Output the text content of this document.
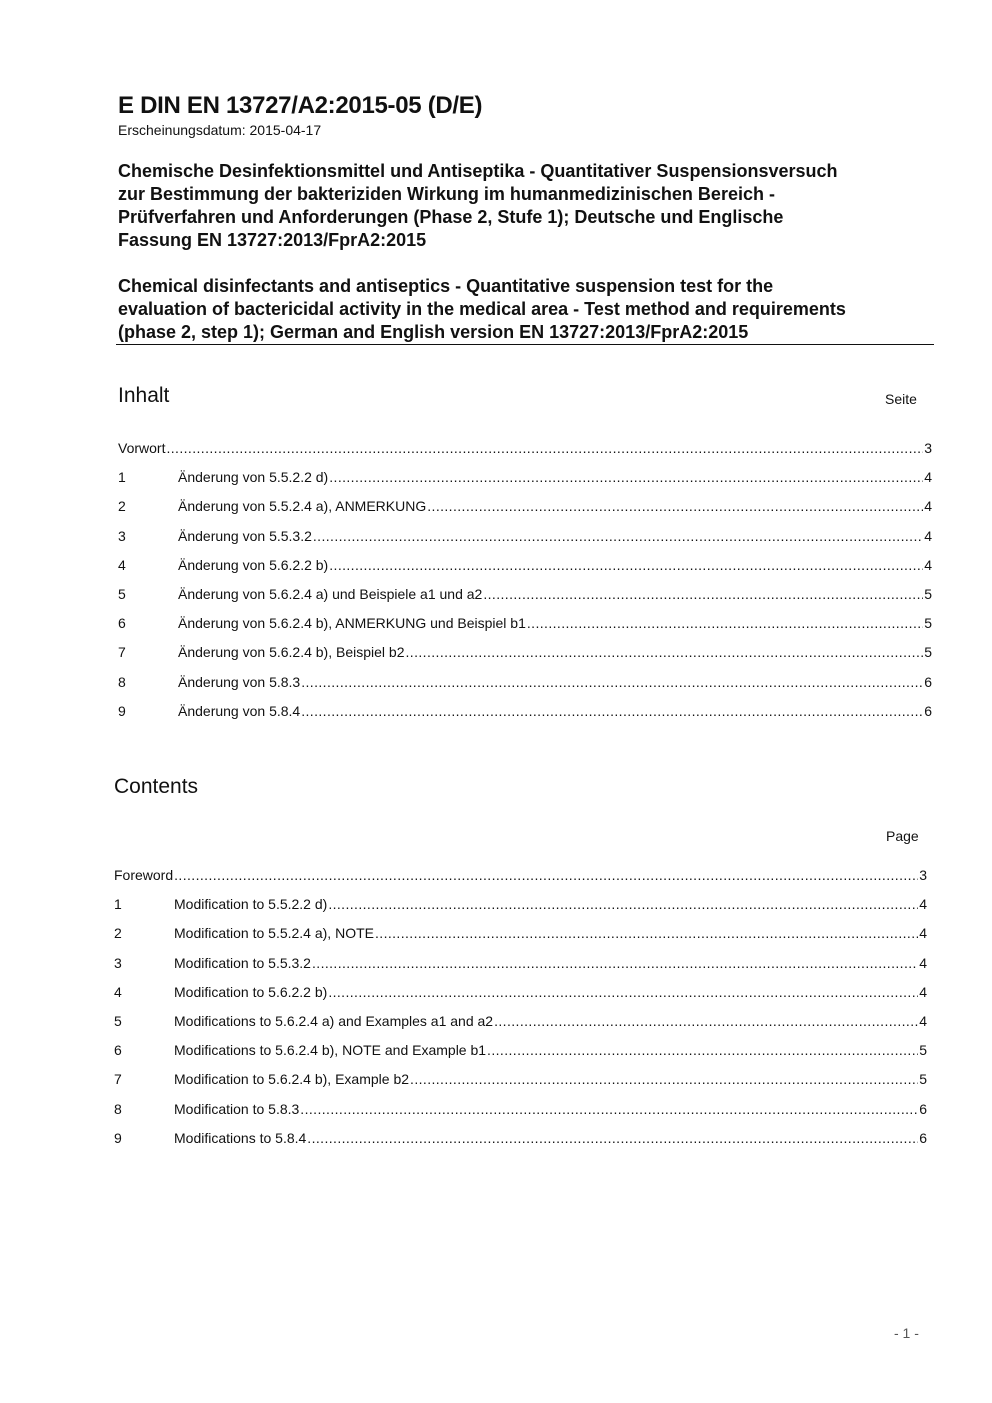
E DIN EN 13727/A2:2015-05 (D/E)
Erscheinungsdatum: 2015-04-17
Chemische Desinfektionsmittel und Antiseptika - Quantitativer Suspensionsversuch
zur Bestimmung der bakteriziden Wirkung im humanmedizinischen Bereich -
Prüfverfahren und Anforderungen (Phase 2, Stufe 1); Deutsche und Englische
Fassung EN 13727:2013/FprA2:2015
Chemical disinfectants and antiseptics - Quantitative suspension test for the
evaluation of bactericidal activity in the medical area - Test method and requirements
(phase 2, step 1); German and English version EN 13727:2013/FprA2:2015
Inhalt	Seite
Vorwort .....	3
1	Änderung von 5.5.2.2 d) .....	4
2	Änderung von 5.5.2.4 a), ANMERKUNG .....	4
3	Änderung von 5.5.3.2 .....	4
4	Änderung von 5.6.2.2 b) .....	4
5	Änderung von 5.6.2.4 a) und Beispiele a1 und a2 .....	5
6	Änderung von 5.6.2.4 b), ANMERKUNG und Beispiel b1 .....	5
7	Änderung von 5.6.2.4 b), Beispiel b2 .....	5
8	Änderung von 5.8.3 .....	6
9	Änderung von 5.8.4 .....	6
Contents
Page
Foreword .....	3
1	Modification to 5.5.2.2 d) .....	4
2	Modification to 5.5.2.4 a), NOTE .....	4
3	Modification to 5.5.3.2 .....	4
4	Modification to 5.6.2.2 b) .....	4
5	Modifications to 5.6.2.4 a) and Examples a1 and a2 .....	4
6	Modifications to 5.6.2.4 b), NOTE and Example b1 .....	5
7	Modification to 5.6.2.4 b), Example b2 .....	5
8	Modification to 5.8.3 .....	6
9	Modifications to 5.8.4 .....	6
- 1 -
